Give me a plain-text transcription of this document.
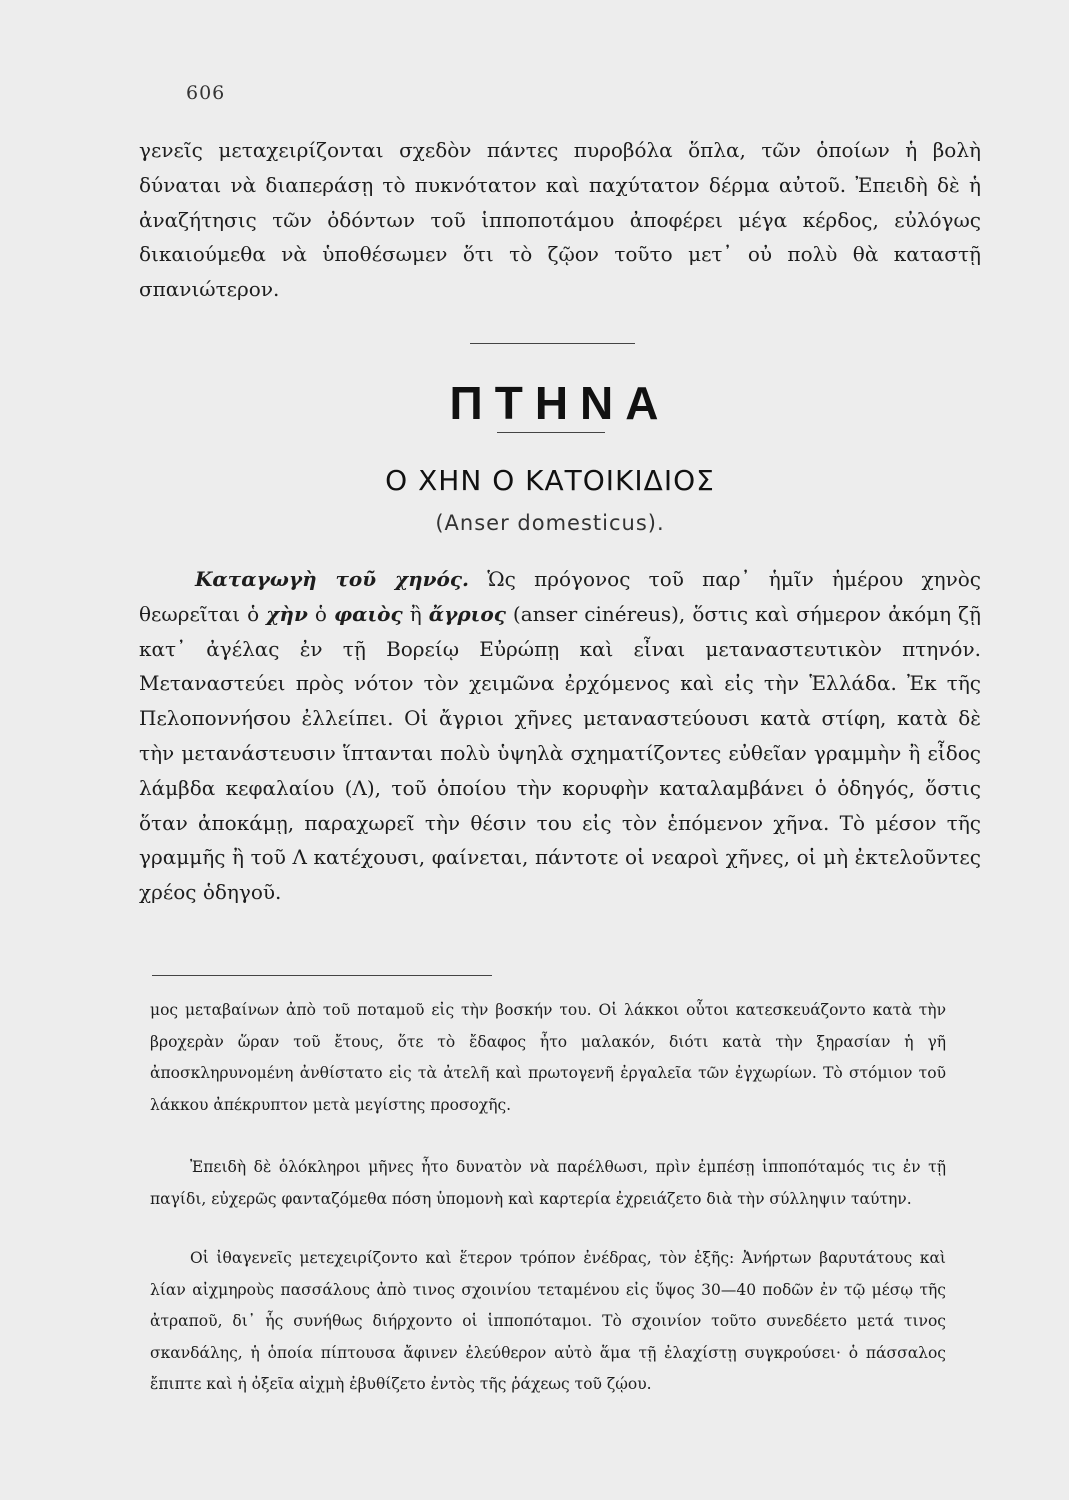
606

γενεῖς μεταχειρίζονται σχεδὸν πάντες πυροβόλα ὅπλα, τῶν ὁποίων ἡ βολὴ δύναται νὰ διαπεράσῃ τὸ πυκνότατον καὶ παχύτατον δέρμα αὐτοῦ. Ἐπειδὴ δὲ ἡ ἀναζήτησις τῶν ὀδόντων τοῦ ἱπποποτάμου ἀποφέρει μέγα κέρδος, εὐλόγως δικαιούμεθα νὰ ὑποθέσωμεν ὅτι τὸ ζῷον τοῦτο μετ᾽ οὐ πολὺ θὰ καταστῇ σπανιώτερον.

ΠΤΗΝΑ
Ο ΧΗΝ Ο ΚΑΤΟΙΚΙΔΙΟΣ
(Anser domesticus).

Καταγωγὴ τοῦ χηνός. Ὡς πρόγονος τοῦ παρ᾽ ἡμῖν ἡμέρου χηνὸς θεωρεῖται ὁ χὴν ὁ φαιὸς ἢ ἄγριος (anser cinéreus), ὅστις καὶ σήμερον ἀκόμη ζῇ κατ᾽ ἀγέλας ἐν τῇ Βορείῳ Εὐρώπῃ καὶ εἶναι μεταναστευτικὸν πτηνόν. Μεταναστεύει πρὸς νότον τὸν χειμῶνα ἐρχόμενος καὶ εἰς τὴν Ἑλλάδα. Ἐκ τῆς Πελοποννήσου ἐλλείπει. Οἱ ἄγριοι χῆνες μεταναστεύουσι κατὰ στίφη, κατὰ δὲ τὴν μετανάστευσιν ἵπτανται πολὺ ὑψηλὰ σχηματίζοντες εὐθεῖαν γραμμὴν ἢ εἶδος λάμβδα κεφαλαίου (Λ), τοῦ ὁποίου τὴν κορυφὴν καταλαμβάνει ὁ ὁδηγός, ὅστις ὅταν ἀποκάμῃ, παραχωρεῖ τὴν θέσιν του εἰς τὸν ἑπόμενον χῆνα. Τὸ μέσον τῆς γραμμῆς ἢ τοῦ Λ κατέχουσι, φαίνεται, πάντοτε οἱ νεαροὶ χῆνες, οἱ μὴ ἐκτελοῦντες χρέος ὁδηγοῦ.

μος μεταβαίνων ἀπὸ τοῦ ποταμοῦ εἰς τὴν βοσκήν του. Οἱ λάκκοι οὗτοι κατεσκευάζοντο κατὰ τὴν βροχερὰν ὥραν τοῦ ἔτους, ὅτε τὸ ἔδαφος ἦτο μαλακόν, διότι κατὰ τὴν ξηρασίαν ἡ γῆ ἀποσκληρυνομένη ἀνθίστατο εἰς τὰ ἀτελῆ καὶ πρωτογενῆ ἐργαλεῖα τῶν ἐγχωρίων. Τὸ στόμιον τοῦ λάκκου ἀπέκρυπτον μετὰ μεγίστης προσοχῆς.

Ἐπειδὴ δὲ ὁλόκληροι μῆνες ἦτο δυνατὸν νὰ παρέλθωσι, πρὶν ἐμπέσῃ ἱπποπόταμός τις ἐν τῇ παγίδι, εὐχερῶς φανταζόμεθα πόση ὑπομονὴ καὶ καρτερία ἐχρειάζετο διὰ τὴν σύλληψιν ταύτην.

Οἱ ἰθαγενεῖς μετεχειρίζοντο καὶ ἕτερον τρόπον ἐνέδρας, τὸν ἑξῆς: Ἀνήρτων βαρυτάτους καὶ λίαν αἰχμηροὺς πασσάλους ἀπὸ τινος σχοινίου τεταμένου εἰς ὕψος 30—40 ποδῶν ἐν τῷ μέσῳ τῆς ἀτραποῦ, δι᾽ ἧς συνήθως διήρχοντο οἱ ἱπποπόταμοι. Τὸ σχοινίον τοῦτο συνεδέετο μετά τινος σκανδάλης, ἡ ὁποία πίπτουσα ἄφινεν ἐλεύθερον αὐτὸ ἅμα τῇ ἐλαχίστῃ συγκρούσει· ὁ πάσσαλος ἔπιπτε καὶ ἡ ὀξεῖα αἰχμὴ ἐβυθίζετο ἐντὸς τῆς ῥάχεως τοῦ ζῴου.
